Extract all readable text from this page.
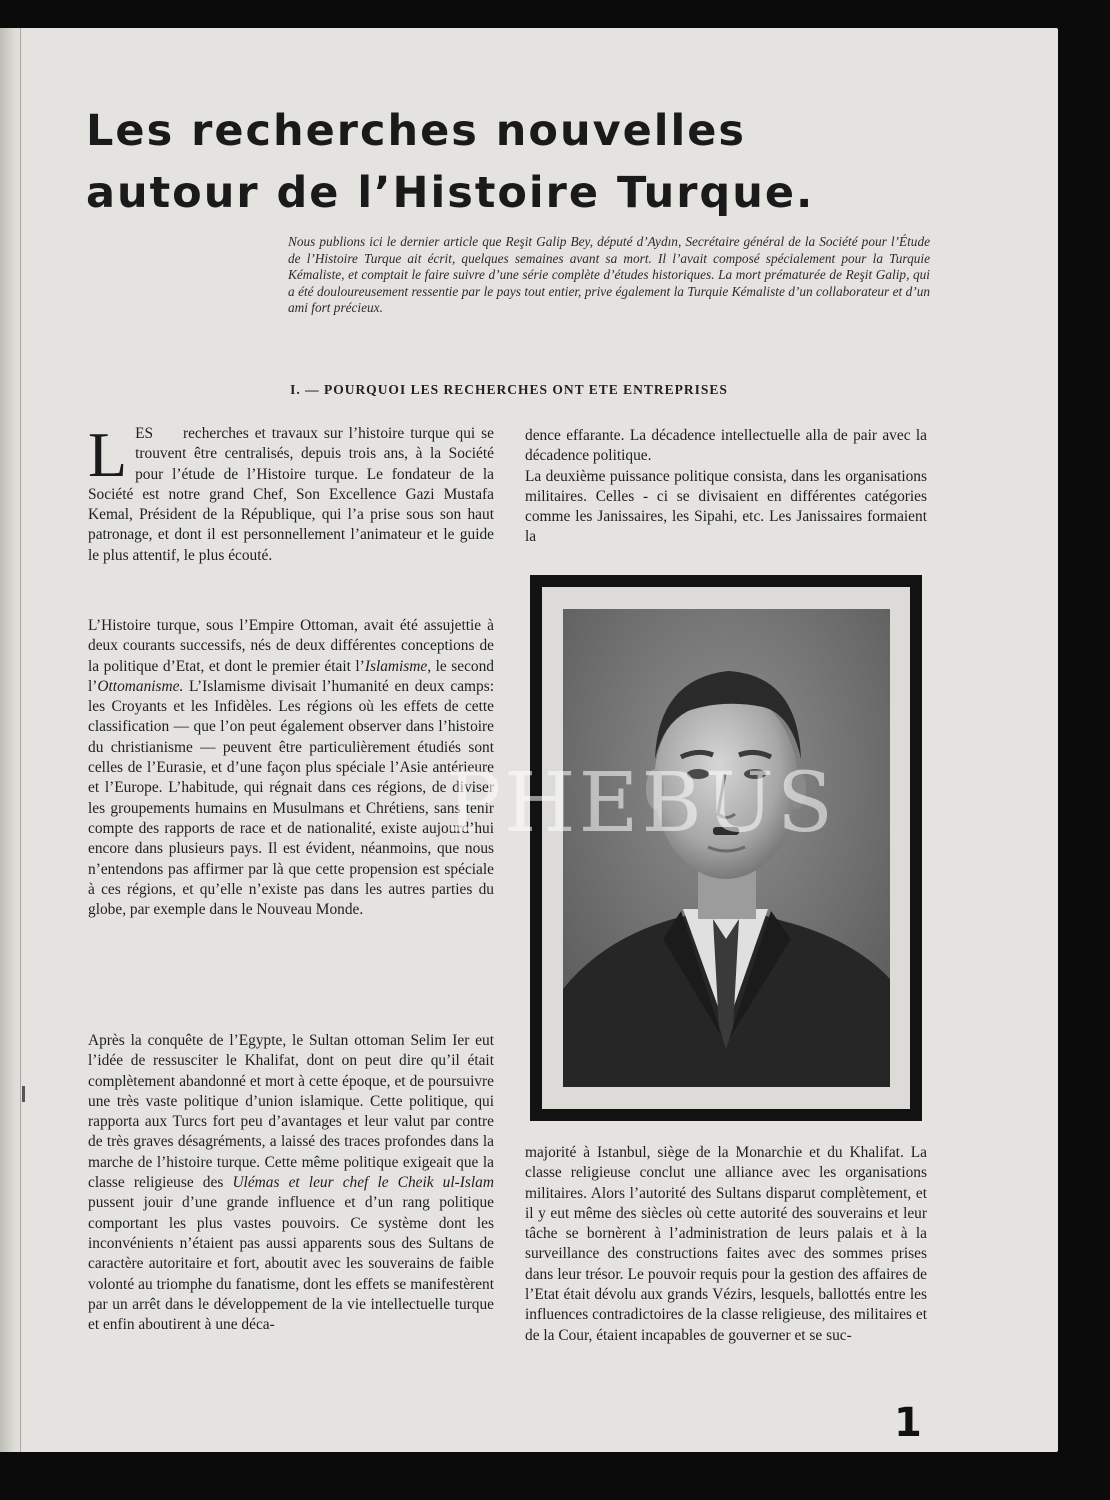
Les recherches nouvelles
autour de l’Histoire Turque.

Nous publions ici le dernier article que Reşit Galip Bey, député d’Aydın, Secrétaire général de la Société pour l’Étude de l’Histoire Turque ait écrit, quelques semaines avant sa mort. Il l’avait composé spécialement pour la Turquie Kémaliste, et comptait le faire suivre d’une série complète d’études historiques. La mort prématurée de Reşit Galip, qui a été douloureusement ressentie par le pays tout entier, prive également la Turquie Kémaliste d’un collaborateur et d’un ami fort précieux.

I. — POURQUOI LES RECHERCHES ONT ETE ENTREPRISES
L ES recherches et travaux sur l’histoire turque qui se trouvent être centralisés, depuis trois ans, à la Société pour l’étude de l’Histoire turque. Le fondateur de la Société est notre grand Chef, Son Excellence Gazi Mustafa Kemal, Président de la République, qui l’a prise sous son haut patronage, et dont il est personnellement l’animateur et le guide le plus attentif, le plus écouté.

L’Histoire turque, sous l’Empire Ottoman, avait été assujettie à deux courants successifs, nés de deux différentes conceptions de la politique d’Etat, et dont le premier était l’Islamisme, le second l’Ottomanisme. L’Islamisme divisait l’humanité en deux camps: les Croyants et les Infidèles. Les régions où les effets de cette classification — que l’on peut également observer dans l’histoire du christianisme — peuvent être particulièrement étudiés sont celles de l’Eurasie, et d’une façon plus spéciale l’Asie antérieure et l’Europe. L’habitude, qui régnait dans ces régions, de diviser les groupements humains en Musulmans et Chrétiens, sans tenir compte des rapports de race et de nationalité, existe aujourd’hui encore dans plusieurs pays. Il est évident, néanmoins, que nous n’entendons pas affirmer par là que cette propension est spéciale à ces régions, et qu’elle n’existe pas dans les autres parties du globe, par exemple dans le Nouveau Monde.

Après la conquête de l’Egypte, le Sultan ottoman Selim Ier eut l’idée de ressusciter le Khalifat, dont on peut dire qu’il était complètement abandonné et mort à cette époque, et de poursuivre une très vaste politique d’union islamique. Cette politique, qui rapporta aux Turcs fort peu d’avantages et leur valut par contre de très graves désagréments, a laissé des traces profondes dans la marche de l’histoire turque. Cette même politique exigeait que la classe religieuse des Ulémas et leur chef le Cheik ul-Islam pussent jouir d’une grande influence et d’un rang politique comportant les plus vastes pouvoirs. Ce système dont les inconvénients n’étaient pas aussi apparents sous des Sultans de caractère autoritaire et fort, aboutit avec les souverains de faible volonté au triomphe du fanatisme, dont les effets se manifestèrent par un arrêt dans le développement de la vie intellectuelle turque et enfin aboutirent à une déca-

dence effarante. La décadence intellectuelle alla de pair avec la décadence politique.

La deuxième puissance politique consista, dans les organisations militaires. Celles - ci se divisaient en différentes catégories comme les Janissaires, les Sipahi, etc. Les Janissaires formaient la

majorité à Istanbul, siège de la Monarchie et du Khalifat. La classe religieuse conclut une alliance avec les organisations militaires. Alors l’autorité des Sultans disparut complètement, et il y eut même des siècles où cette autorité des souverains et leur tâche se bornèrent à l’administration de leurs palais et à la surveillance des constructions faites avec des sommes prises dans leur trésor. Le pouvoir requis pour la gestion des affaires de l’Etat était dévolu aux grands Vézirs, lesquels, ballottés entre les influences contradictoires de la classe religieuse, des militaires et de la Cour, étaient incapables de gouverner et se suc-

PHEBUS
1
